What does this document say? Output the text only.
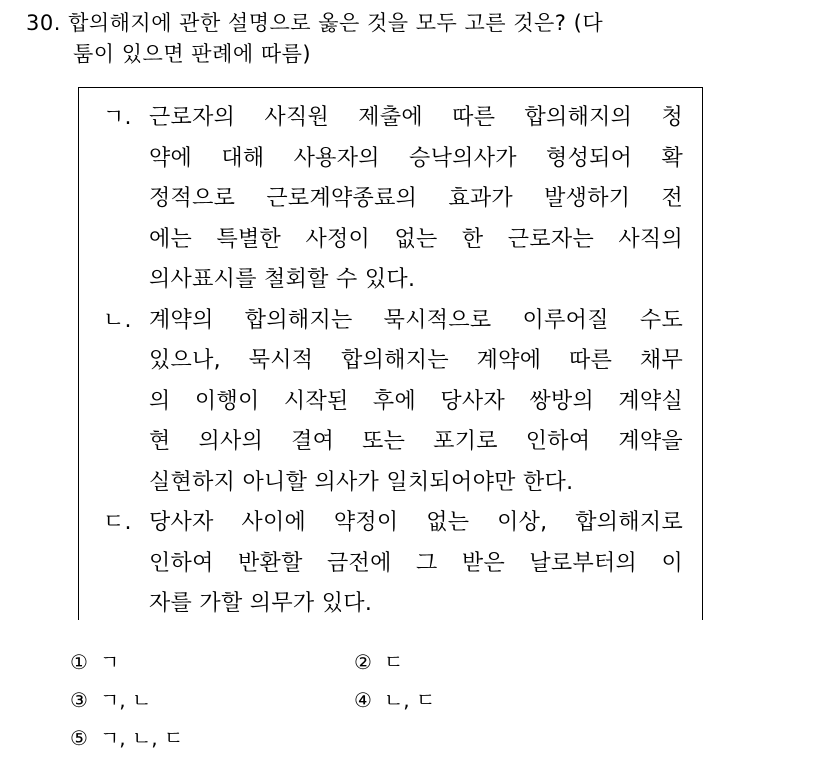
30. 합의해지에 관한 설명으로 옳은 것을 모두 고른 것은? (다
툼이 있으면 판례에 따름)
ㄱ. 근로자의 사직원 제출에 따른 합의해지의 청
약에 대해 사용자의 승낙의사가 형성되어 확
정적으로 근로계약종료의 효과가 발생하기 전
에는 특별한 사정이 없는 한 근로자는 사직의
의사표시를 철회할 수 있다.
ㄴ. 계약의 합의해지는 묵시적으로 이루어질 수도
있으나, 묵시적 합의해지는 계약에 따른 채무
의 이행이 시작된 후에 당사자 쌍방의 계약실
현 의사의 결여 또는 포기로 인하여 계약을
실현하지 아니할 의사가 일치되어야만 한다.
ㄷ. 당사자 사이에 약정이 없는 이상, 합의해지로
인하여 반환할 금전에 그 받은 날로부터의 이
자를 가할 의무가 있다.
① ㄱ	② ㄷ
③ ㄱ, ㄴ	④ ㄴ, ㄷ
⑤ ㄱ, ㄴ, ㄷ
